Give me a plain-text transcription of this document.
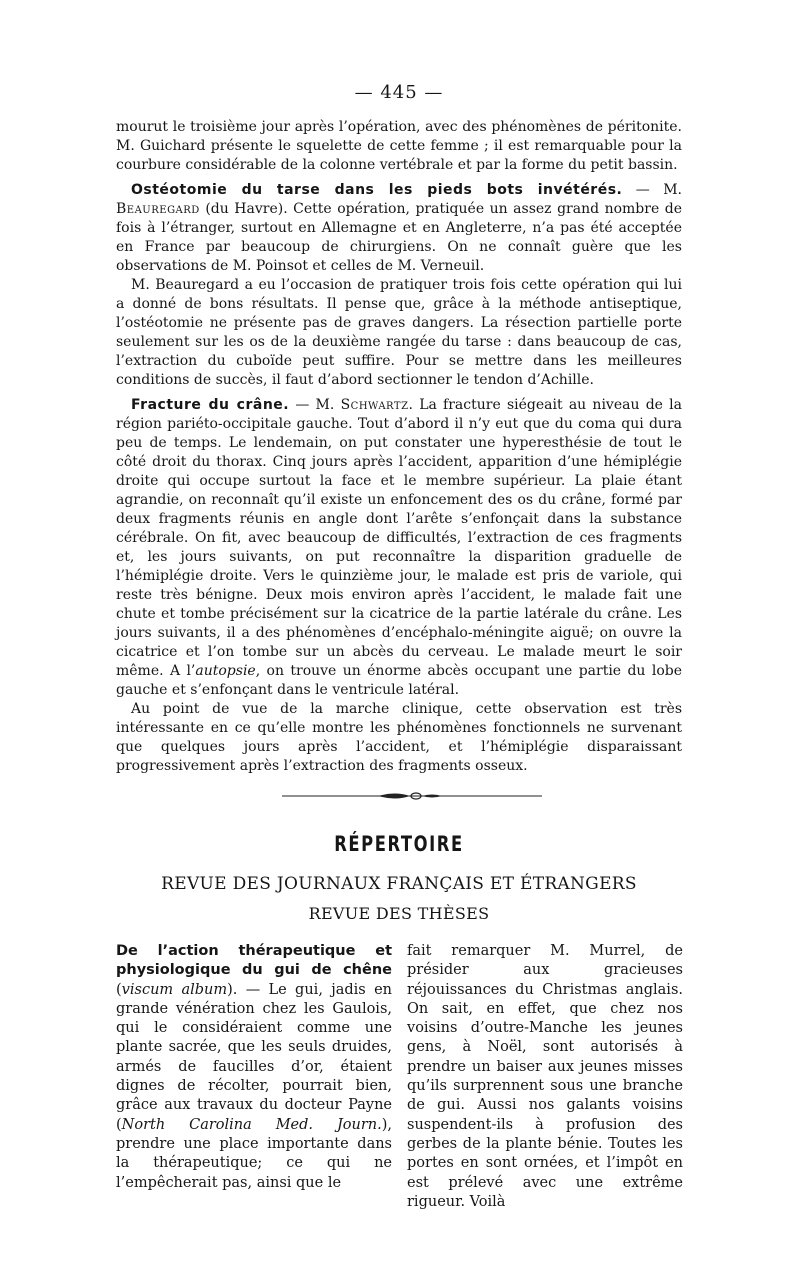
— 445 —

mourut le troisième jour après l’opération, avec des phénomènes de péritonite. M. Guichard présente le squelette de cette femme ; il est remarquable pour la courbure considérable de la colonne vertébrale et par la forme du petit bassin.

Ostéotomie du tarse dans les pieds bots invétérés. — M. Beauregard (du Havre). Cette opération, pratiquée un assez grand nombre de fois à l’étranger, surtout en Allemagne et en Angleterre, n’a pas été acceptée en France par beaucoup de chirurgiens. On ne connaît guère que les observations de M. Poinsot et celles de M. Verneuil.

M. Beauregard a eu l’occasion de pratiquer trois fois cette opération qui lui a donné de bons résultats. Il pense que, grâce à la méthode antiseptique, l’ostéotomie ne présente pas de graves dangers. La résection partielle porte seulement sur les os de la deuxième rangée du tarse : dans beaucoup de cas, l’extraction du cuboïde peut suffire. Pour se mettre dans les meilleures conditions de succès, il faut d’abord sectionner le tendon d’Achille.

Fracture du crâne. — M. Schwartz. La fracture siégeait au niveau de la région pariéto-occipitale gauche. Tout d’abord il n’y eut que du coma qui dura peu de temps. Le lendemain, on put constater une hyperesthésie de tout le côté droit du thorax. Cinq jours après l’accident, apparition d’une hémiplégie droite qui occupe surtout la face et le membre supérieur. La plaie étant agrandie, on reconnaît qu’il existe un enfoncement des os du crâne, formé par deux fragments réunis en angle dont l’arête s’enfonçait dans la substance cérébrale. On fit, avec beaucoup de difficultés, l’extraction de ces fragments et, les jours suivants, on put reconnaître la disparition graduelle de l’hémiplégie droite. Vers le quinzième jour, le malade est pris de variole, qui reste très bénigne. Deux mois environ après l’accident, le malade fait une chute et tombe précisément sur la cicatrice de la partie latérale du crâne. Les jours suivants, il a des phénomènes d’encéphalo-méningite aiguë; on ouvre la cicatrice et l’on tombe sur un abcès du cerveau. Le malade meurt le soir même. A l’autopsie, on trouve un énorme abcès occupant une partie du lobe gauche et s’enfonçant dans le ventricule latéral.

Au point de vue de la marche clinique, cette observation est très intéressante en ce qu’elle montre les phénomènes fonctionnels ne survenant que quelques jours après l’accident, et l’hémiplégie disparaissant progressivement après l’extraction des fragments osseux.

RÉPERTOIRE
REVUE DES JOURNAUX FRANÇAIS ET ÉTRANGERS
REVUE DES THÈSES

De l’action thérapeutique et physiologique du gui de chêne (viscum album). — Le gui, jadis en grande vénération chez les Gaulois, qui le considéraient comme une plante sacrée, que les seuls druides, armés de faucilles d’or, étaient dignes de récolter, pourrait bien, grâce aux travaux du docteur Payne (North Carolina Med. Journ.), prendre une place importante dans la thérapeutique; ce qui ne l’empêcherait pas, ainsi que le

fait remarquer M. Murrel, de présider aux gracieuses réjouissances du Christmas anglais. On sait, en effet, que chez nos voisins d’outre-Manche les jeunes gens, à Noël, sont autorisés à prendre un baiser aux jeunes misses qu’ils surprennent sous une branche de gui. Aussi nos galants voisins suspendent-ils à profusion des gerbes de la plante bénie. Toutes les portes en sont ornées, et l’impôt en est prélevé avec une extrême rigueur. Voilà
